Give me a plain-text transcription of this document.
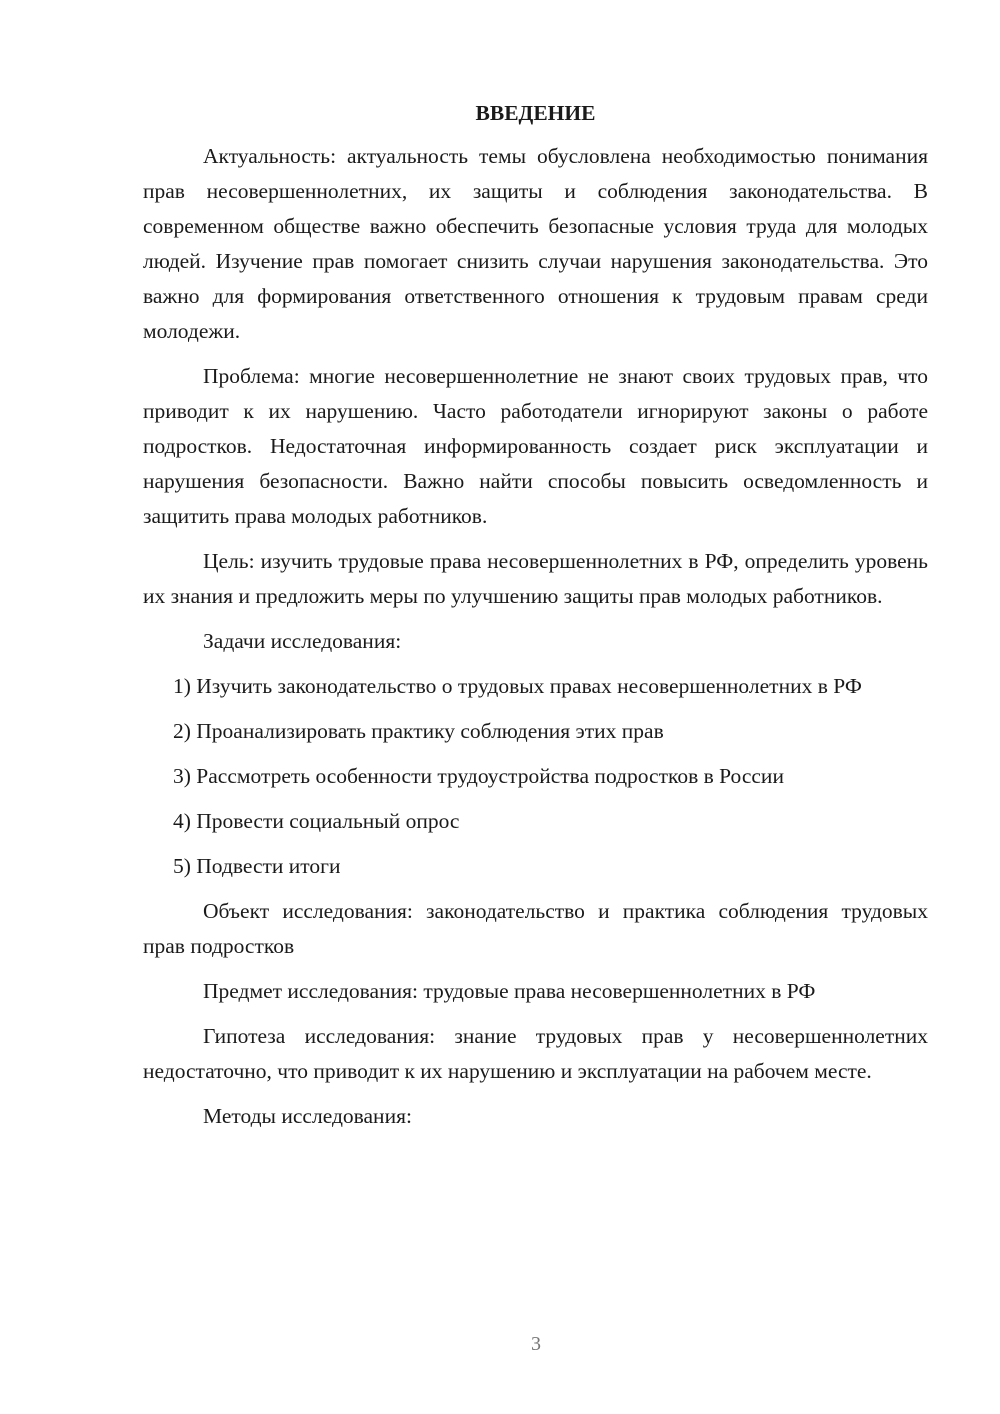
ВВЕДЕНИЕ

Актуальность: актуальность темы обусловлена необходимостью понимания прав несовершеннолетних, их защиты и соблюдения законодательства. В современном обществе важно обеспечить безопасные условия труда для молодых людей. Изучение прав помогает снизить случаи нарушения законодательства. Это важно для формирования ответственного отношения к трудовым правам среди молодежи.

Проблема: многие несовершеннолетние не знают своих трудовых прав, что приводит к их нарушению. Часто работодатели игнорируют законы о работе подростков. Недостаточная информированность создает риск эксплуатации и нарушения безопасности. Важно найти способы повысить осведомленность и защитить права молодых работников.

Цель: изучить трудовые права несовершеннолетних в РФ, определить уровень их знания и предложить меры по улучшению защиты прав молодых работников.

Задачи исследования:

1) Изучить законодательство о трудовых правах несовершеннолетних в РФ
2) Проанализировать практику соблюдения этих прав
3) Рассмотреть особенности трудоустройства подростков в России
4) Провести социальный опрос
5) Подвести итоги

Объект исследования: законодательство и практика соблюдения трудовых прав подростков

Предмет исследования: трудовые права несовершеннолетних в РФ

Гипотеза исследования: знание трудовых прав у несовершеннолетних недостаточно, что приводит к их нарушению и эксплуатации на рабочем месте.

Методы исследования:

3
